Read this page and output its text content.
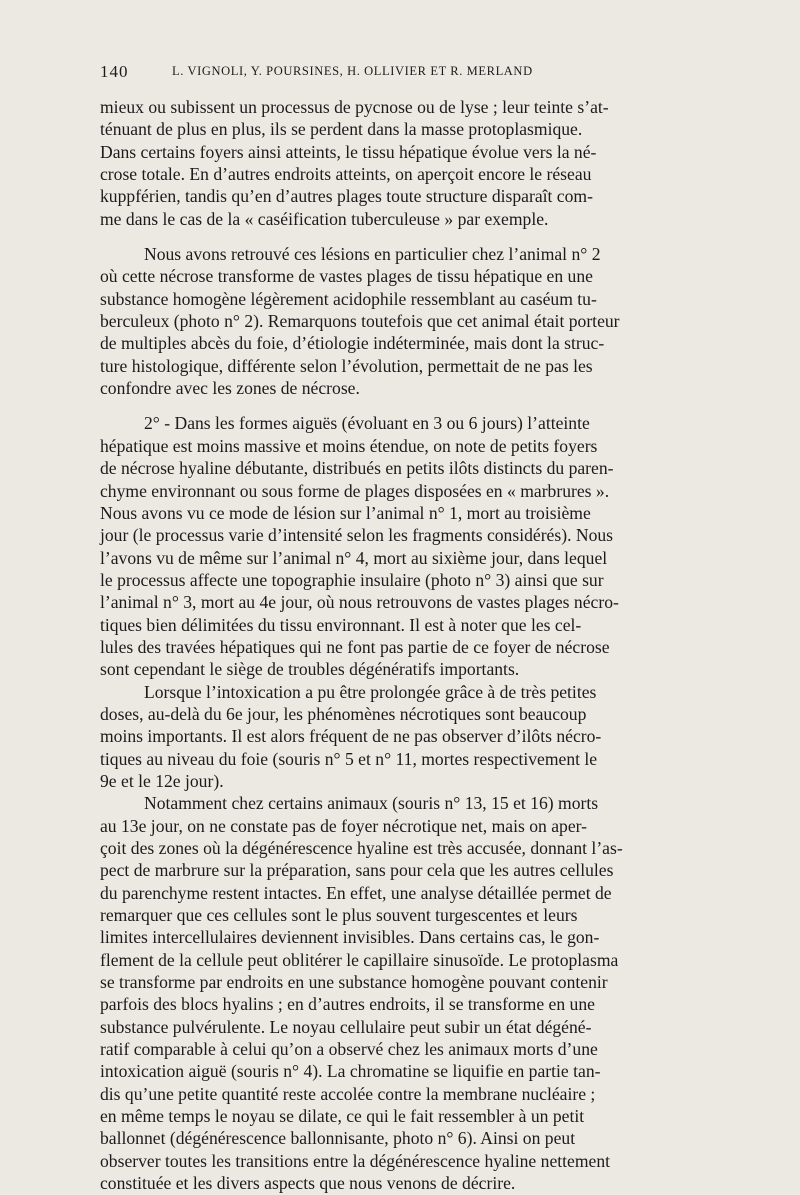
140	L. VIGNOLI, Y. POURSINES, H. OLLIVIER ET R. MERLAND
mieux ou subissent un processus de pycnose ou de lyse ; leur teinte s’at-
ténuant de plus en plus, ils se perdent dans la masse protoplasmique.
Dans certains foyers ainsi atteints, le tissu hépatique évolue vers la né-
crose totale. En d’autres endroits atteints, on aperçoit encore le réseau
kuppférien, tandis qu’en d’autres plages toute structure disparaît com-
me dans le cas de la « caséification tuberculeuse » par exemple.
Nous avons retrouvé ces lésions en particulier chez l’animal n° 2
où cette nécrose transforme de vastes plages de tissu hépatique en une
substance homogène légèrement acidophile ressemblant au caséum tu-
berculeux (photo n° 2). Remarquons toutefois que cet animal était porteur
de multiples abcès du foie, d’étiologie indéterminée, mais dont la struc-
ture histologique, différente selon l’évolution, permettait de ne pas les
confondre avec les zones de nécrose.
2° - Dans les formes aiguës (évoluant en 3 ou 6 jours) l’atteinte
hépatique est moins massive et moins étendue, on note de petits foyers
de nécrose hyaline débutante, distribués en petits ilôts distincts du paren-
chyme environnant ou sous forme de plages disposées en « marbrures ».
Nous avons vu ce mode de lésion sur l’animal n° 1, mort au troisième
jour (le processus varie d’intensité selon les fragments considérés). Nous
l’avons vu de même sur l’animal n° 4, mort au sixième jour, dans lequel
le processus affecte une topographie insulaire (photo n° 3) ainsi que sur
l’animal n° 3, mort au 4e jour, où nous retrouvons de vastes plages nécro-
tiques bien délimitées du tissu environnant. Il est à noter que les cel-
lules des travées hépatiques qui ne font pas partie de ce foyer de nécrose
sont cependant le siège de troubles dégénératifs importants.
Lorsque l’intoxication a pu être prolongée grâce à de très petites
doses, au-delà du 6e jour, les phénomènes nécrotiques sont beaucoup
moins importants. Il est alors fréquent de ne pas observer d’ilôts nécro-
tiques au niveau du foie (souris n° 5 et n° 11, mortes respectivement le
9e et le 12e jour).
Notamment chez certains animaux (souris n° 13, 15 et 16) morts
au 13e jour, on ne constate pas de foyer nécrotique net, mais on aper-
çoit des zones où la dégénérescence hyaline est très accusée, donnant l’as-
pect de marbrure sur la préparation, sans pour cela que les autres cellules
du parenchyme restent intactes. En effet, une analyse détaillée permet de
remarquer que ces cellules sont le plus souvent turgescentes et leurs
limites intercellulaires deviennent invisibles. Dans certains cas, le gon-
flement de la cellule peut oblitérer le capillaire sinusoïde. Le protoplasma
se transforme par endroits en une substance homogène pouvant contenir
parfois des blocs hyalins ; en d’autres endroits, il se transforme en une
substance pulvérulente. Le noyau cellulaire peut subir un état dégéné-
ratif comparable à celui qu’on a observé chez les animaux morts d’une
intoxication aiguë (souris n° 4). La chromatine se liquifie en partie tan-
dis qu’une petite quantité reste accolée contre la membrane nucléaire ;
en même temps le noyau se dilate, ce qui le fait ressembler à un petit
ballonnet (dégénérescence ballonnisante, photo n° 6). Ainsi on peut
observer toutes les transitions entre la dégénérescence hyaline nettement
constituée et les divers aspects que nous venons de décrire.
